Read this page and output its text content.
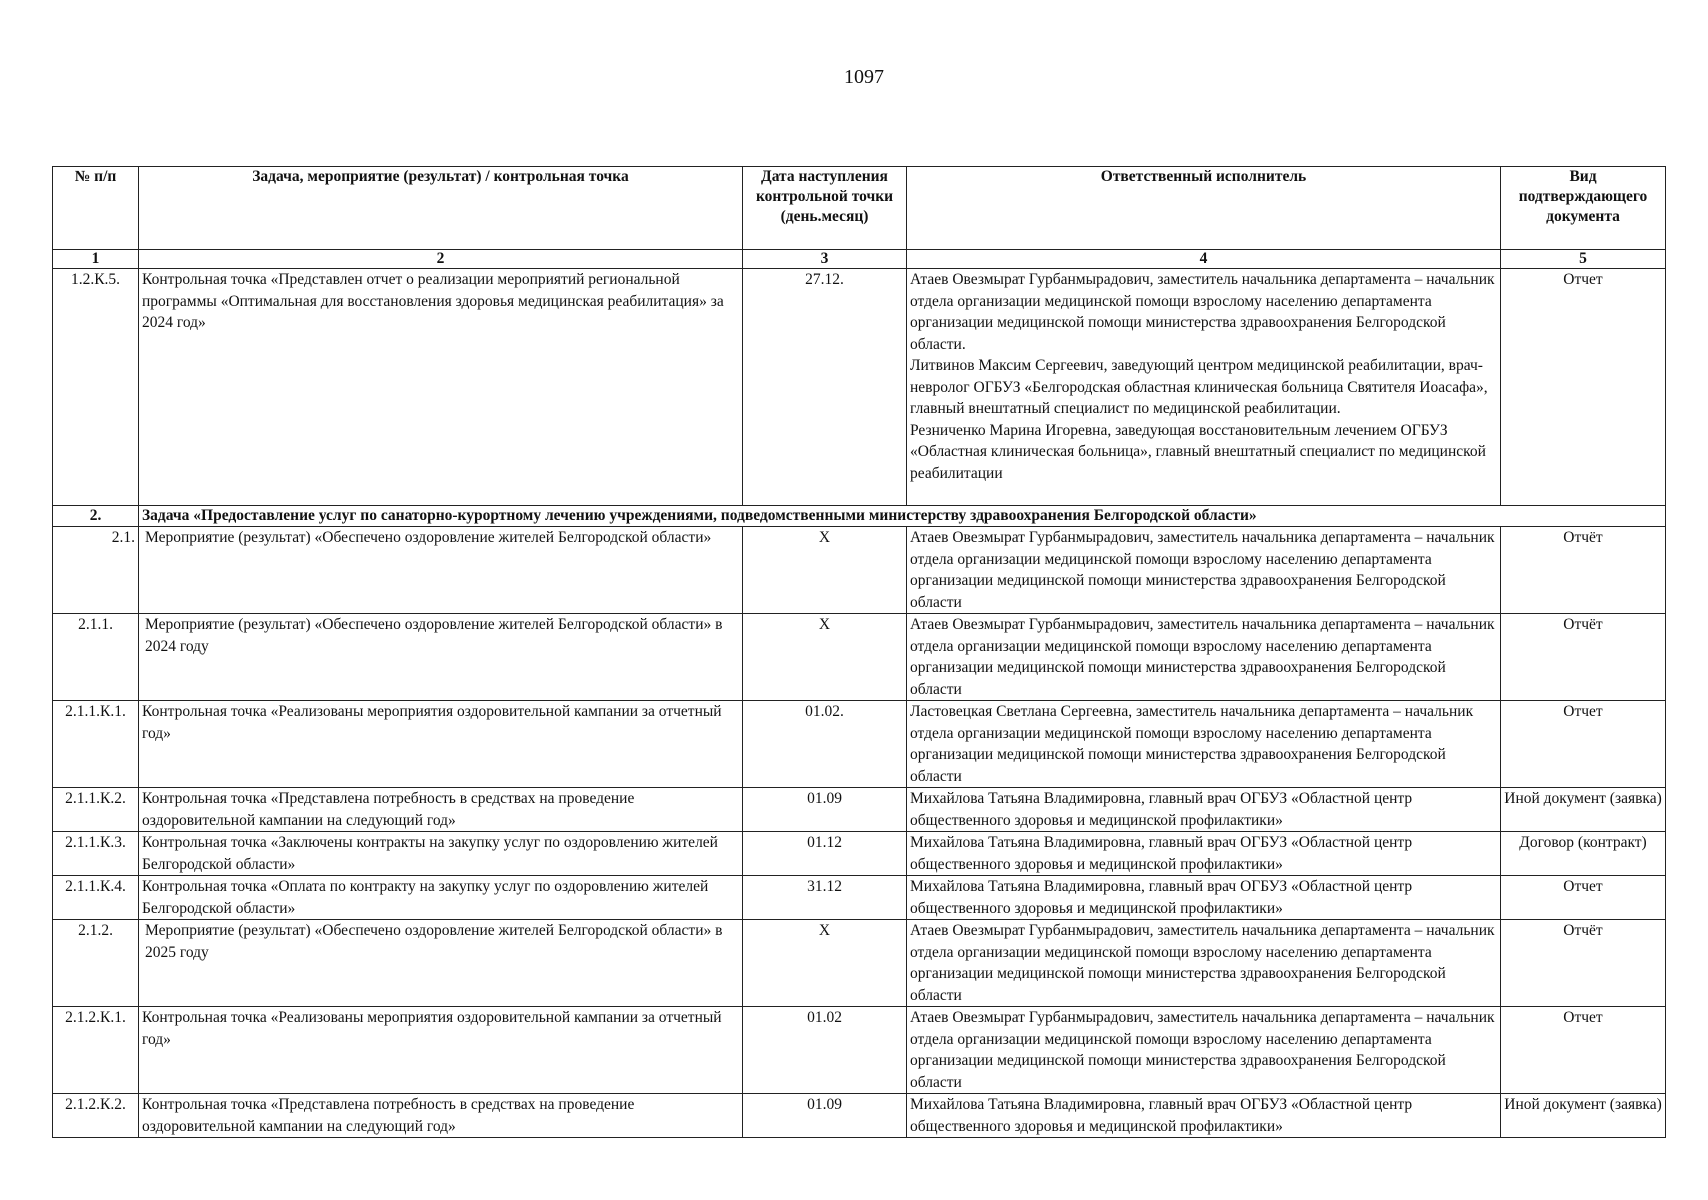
1097
№ п/п	Задача, мероприятие (результат) / контрольная точка	Дата наступления контрольной точки (день.месяц)	Ответственный исполнитель	Вид подтверждающего документа
1	2	3	4	5
1.2.К.5.	Контрольная точка «Представлен отчет о реализации мероприятий региональной программы «Оптимальная для восстановления здоровья медицинская реабилитация» за 2024 год»	27.12.	Атаев Овезмырат Гурбанмырадович, заместитель начальника департамента – начальник отдела организации медицинской помощи взрослому населению департамента организации медицинской помощи министерства здравоохранения Белгородской области.
Литвинов Максим Сергеевич, заведующий центром медицинской реабилитации, врач-невролог ОГБУЗ «Белгородская областная клиническая больница Святителя Иоасафа», главный внештатный специалист по медицинской реабилитации.
Резниченко Марина Игоревна, заведующая восстановительным лечением ОГБУЗ «Областная клиническая больница», главный внештатный специалист по медицинской реабилитации	Отчет
2.	Задача «Предоставление услуг по санаторно-курортному лечению учреждениями, подведомственными министерству здравоохранения Белгородской области»			
2.1.	Мероприятие (результат) «Обеспечено оздоровление жителей Белгородской области»	X	Атаев Овезмырат Гурбанмырадович, заместитель начальника департамента – начальник отдела организации медицинской помощи взрослому населению департамента организации медицинской помощи министерства здравоохранения Белгородской области	Отчёт
2.1.1.	Мероприятие (результат) «Обеспечено оздоровление жителей Белгородской области» в 2024 году	X	Атаев Овезмырат Гурбанмырадович, заместитель начальника департамента – начальник отдела организации медицинской помощи взрослому населению департамента организации медицинской помощи министерства здравоохранения Белгородской области	Отчёт
2.1.1.К.1.	Контрольная точка «Реализованы мероприятия оздоровительной кампании за отчетный год»	01.02.	Ластовецкая Светлана Сергеевна, заместитель начальника департамента – начальник отдела организации медицинской помощи взрослому населению департамента организации медицинской помощи министерства здравоохранения Белгородской области	Отчет
2.1.1.К.2.	Контрольная точка «Представлена потребность в средствах на проведение оздоровительной кампании на следующий год»	01.09	Михайлова Татьяна Владимировна, главный врач ОГБУЗ «Областной центр общественного здоровья и медицинской профилактики»	Иной документ (заявка)
2.1.1.К.3.	Контрольная точка «Заключены контракты на закупку услуг по оздоровлению жителей Белгородской области»	01.12	Михайлова Татьяна Владимировна, главный врач ОГБУЗ «Областной центр общественного здоровья и медицинской профилактики»	Договор (контракт)
2.1.1.К.4.	Контрольная точка «Оплата по контракту на закупку услуг по оздоровлению жителей Белгородской области»	31.12	Михайлова Татьяна Владимировна, главный врач ОГБУЗ «Областной центр общественного здоровья и медицинской профилактики»	Отчет
2.1.2.	Мероприятие (результат) «Обеспечено оздоровление жителей Белгородской области» в 2025 году	X	Атаев Овезмырат Гурбанмырадович, заместитель начальника департамента – начальник отдела организации медицинской помощи взрослому населению департамента организации медицинской помощи министерства здравоохранения Белгородской области	Отчёт
2.1.2.К.1.	Контрольная точка «Реализованы мероприятия оздоровительной кампании за отчетный год»	01.02	Атаев Овезмырат Гурбанмырадович, заместитель начальника департамента – начальник отдела организации медицинской помощи взрослому населению департамента организации медицинской помощи министерства здравоохранения Белгородской области	Отчет
2.1.2.К.2.	Контрольная точка «Представлена потребность в средствах на проведение оздоровительной кампании на следующий год»	01.09	Михайлова Татьяна Владимировна, главный врач ОГБУЗ «Областной центр общественного здоровья и медицинской профилактики»	Иной документ (заявка)
